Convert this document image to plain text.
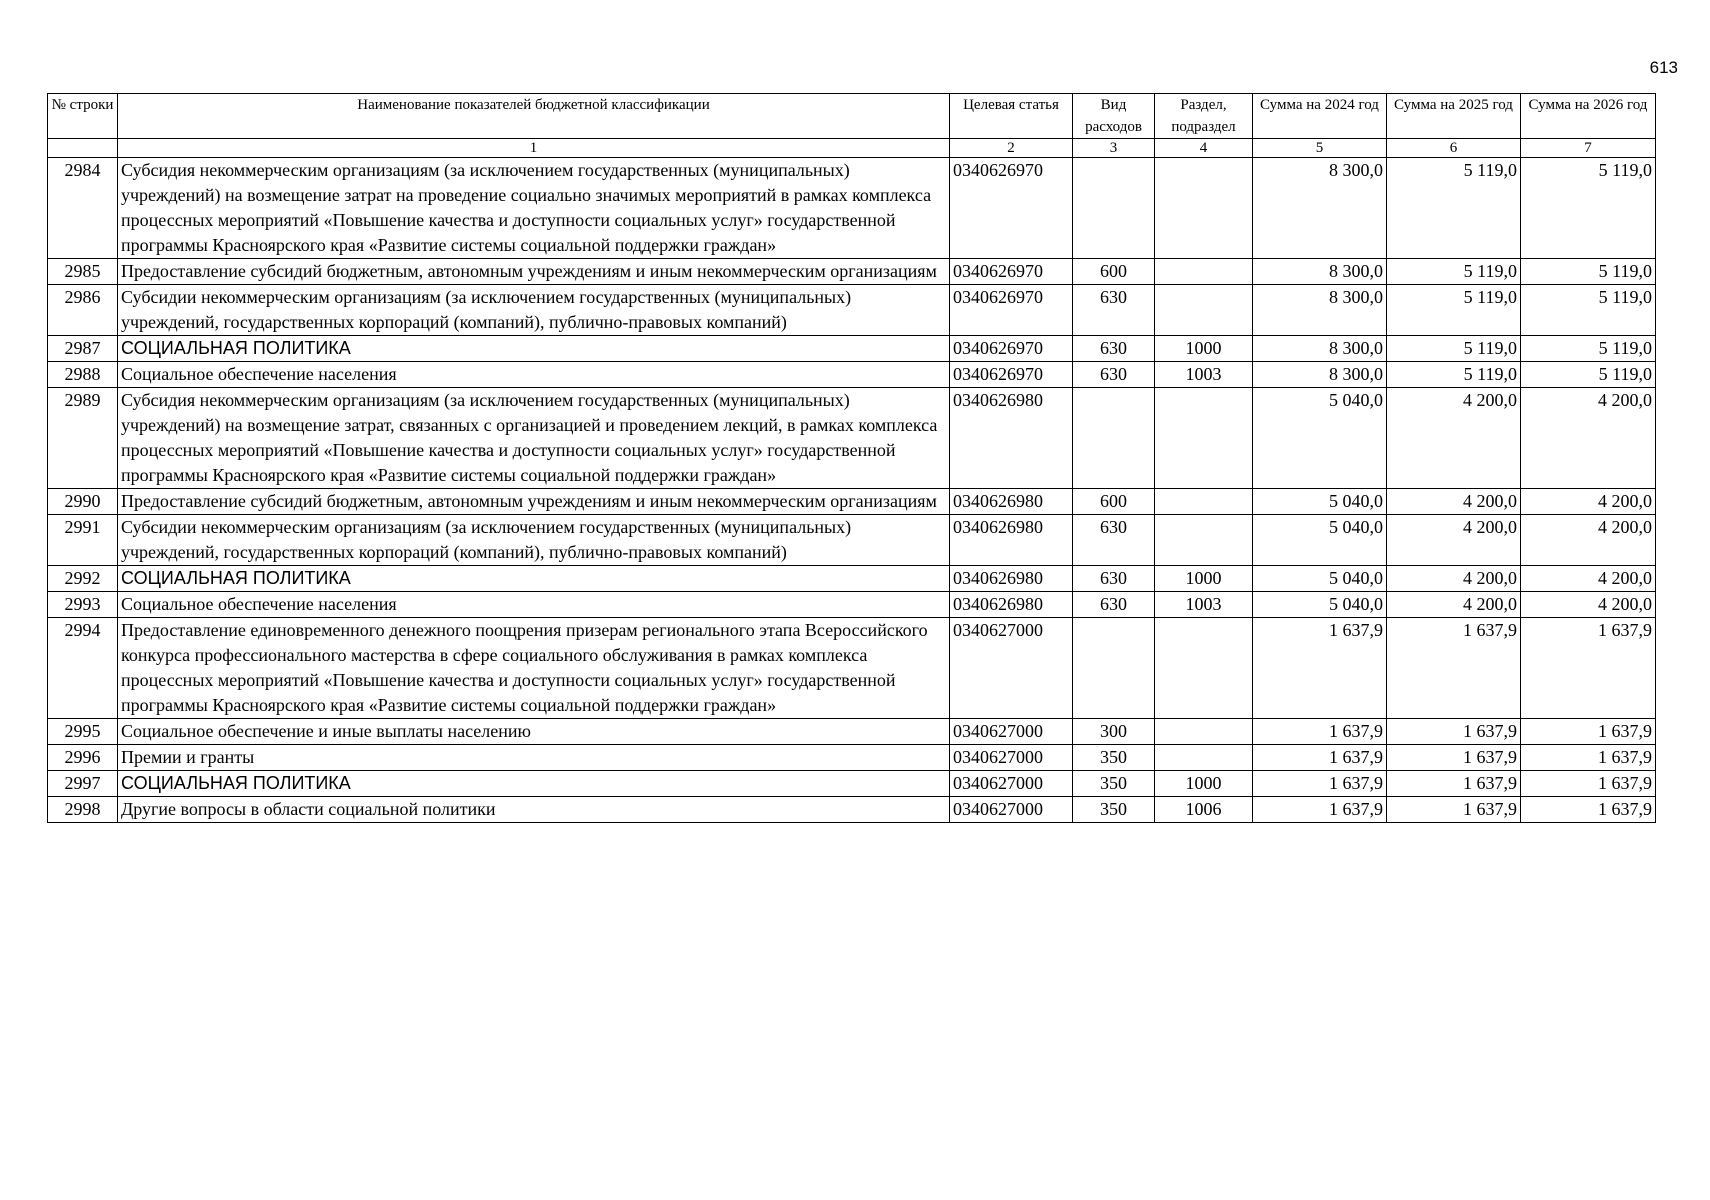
613
№ строки	Наименование показателей бюджетной классификации	Целевая статья	Вид расходов	Раздел, подраздел	Сумма на 2024 год	Сумма на 2025 год	Сумма на 2026 год
	1	2	3	4	5	6	7
2984	Субсидия некоммерческим организациям (за исключением государственных (муниципальных) учреждений) на возмещение затрат на проведение социально значимых мероприятий в рамках комплекса процессных мероприятий «Повышение качества и доступности социальных услуг» государственной программы Красноярского края «Развитие системы социальной поддержки граждан»	0340626970			8 300,0	5 119,0	5 119,0
2985	Предоставление субсидий бюджетным, автономным учреждениям и иным некоммерческим организациям	0340626970	600		8 300,0	5 119,0	5 119,0
2986	Субсидии некоммерческим организациям (за исключением государственных (муниципальных) учреждений, государственных корпораций (компаний), публично-правовых компаний)	0340626970	630		8 300,0	5 119,0	5 119,0
2987	СОЦИАЛЬНАЯ ПОЛИТИКА	0340626970	630	1000	8 300,0	5 119,0	5 119,0
2988	Социальное обеспечение населения	0340626970	630	1003	8 300,0	5 119,0	5 119,0
2989	Субсидия некоммерческим организациям (за исключением государственных (муниципальных) учреждений) на возмещение затрат, связанных с организацией и проведением лекций, в рамках комплекса процессных мероприятий «Повышение качества и доступности социальных услуг» государственной программы Красноярского края «Развитие системы социальной поддержки граждан»	0340626980			5 040,0	4 200,0	4 200,0
2990	Предоставление субсидий бюджетным, автономным учреждениям и иным некоммерческим организациям	0340626980	600		5 040,0	4 200,0	4 200,0
2991	Субсидии некоммерческим организациям (за исключением государственных (муниципальных) учреждений, государственных корпораций (компаний), публично-правовых компаний)	0340626980	630		5 040,0	4 200,0	4 200,0
2992	СОЦИАЛЬНАЯ ПОЛИТИКА	0340626980	630	1000	5 040,0	4 200,0	4 200,0
2993	Социальное обеспечение населения	0340626980	630	1003	5 040,0	4 200,0	4 200,0
2994	Предоставление единовременного денежного поощрения призерам регионального этапа Всероссийского конкурса профессионального мастерства в сфере социального обслуживания в рамках комплекса процессных мероприятий «Повышение качества и доступности социальных услуг» государственной программы Красноярского края «Развитие системы социальной поддержки граждан»	0340627000			1 637,9	1 637,9	1 637,9
2995	Социальное обеспечение и иные выплаты населению	0340627000	300		1 637,9	1 637,9	1 637,9
2996	Премии и гранты	0340627000	350		1 637,9	1 637,9	1 637,9
2997	СОЦИАЛЬНАЯ ПОЛИТИКА	0340627000	350	1000	1 637,9	1 637,9	1 637,9
2998	Другие вопросы в области социальной политики	0340627000	350	1006	1 637,9	1 637,9	1 637,9
